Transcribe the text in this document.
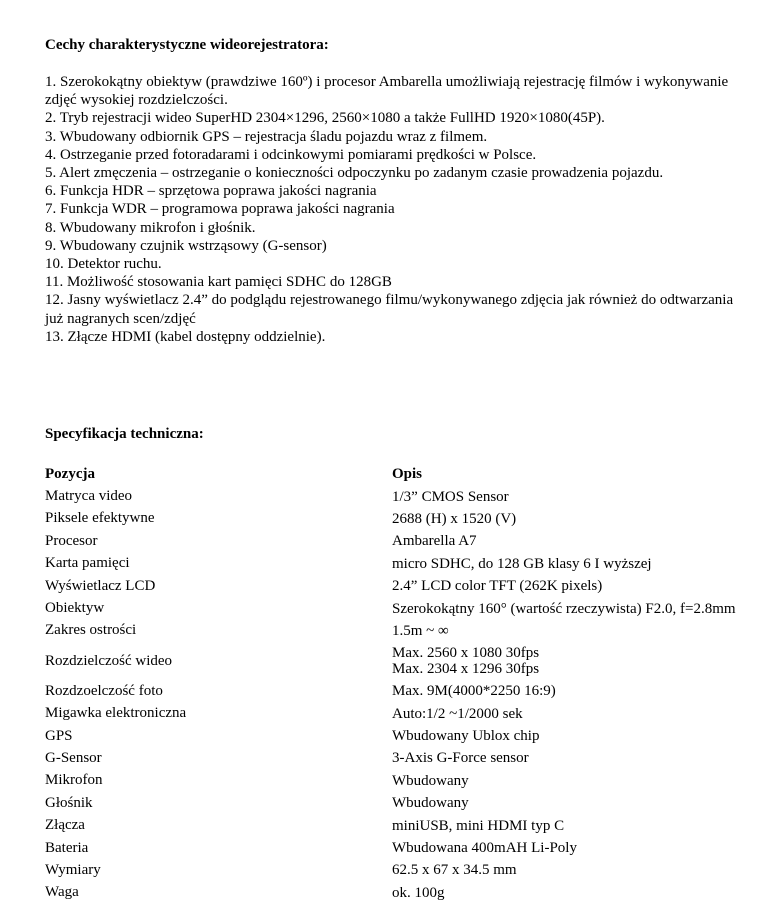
Cechy charakterystyczne wideorejestratora:
1. Szerokokątny obiektyw (prawdziwe 160º) i procesor Ambarella umożliwiają rejestrację filmów i wykonywanie zdjęć wysokiej rozdzielczości.
2. Tryb rejestracji wideo SuperHD 2304×1296, 2560×1080 a także FullHD 1920×1080(45P).
3. Wbudowany odbiornik GPS – rejestracja śladu pojazdu wraz z filmem.
4. Ostrzeganie przed fotoradarami i odcinkowymi pomiarami prędkości w Polsce.
5. Alert zmęczenia – ostrzeganie o konieczności odpoczynku po zadanym czasie prowadzenia pojazdu.
6. Funkcja HDR – sprzętowa poprawa jakości nagrania
7. Funkcja WDR – programowa poprawa jakości nagrania
8. Wbudowany mikrofon i głośnik.
9. Wbudowany czujnik wstrząsowy (G-sensor)
10. Detektor ruchu.
11. Możliwość stosowania kart pamięci SDHC do 128GB
12. Jasny wyświetlacz 2.4” do podglądu rejestrowanego filmu/wykonywanego zdjęcia jak również do odtwarzania już nagranych scen/zdjęć
13. Złącze HDMI (kabel dostępny oddzielnie).
Specyfikacja techniczna:
Pozycja	Opis
Matryca video	1/3” CMOS Sensor

Piksele efektywne	2688 (H) x 1520 (V)

Procesor	Ambarella A7

Karta pamięci	micro SDHC, do 128 GB klasy 6 I wyższej

Wyświetlacz LCD	2.4” LCD color TFT (262K pixels)

Obiektyw	Szerokokątny 160° (wartość rzeczywista) F2.0, f=2.8mm

Zakres ostrości	1.5m ~ ∞

Rozdzielczość wideo	Max. 2560 x 1080 30fps
Max. 2304 x 1296 30fps

Rozdzoelczość foto	Max. 9M(4000*2250 16:9)

Migawka elektroniczna	Auto:1/2 ~1/2000 sek

GPS	Wbudowany Ublox chip

G-Sensor	3-Axis G-Force sensor

Mikrofon	Wbudowany

Głośnik	Wbudowany

Złącza	miniUSB, mini HDMI typ C

Bateria	Wbudowana 400mAH Li-Poly

Wymiary	62.5 x 67 x 34.5 mm

Waga	ok. 100g
